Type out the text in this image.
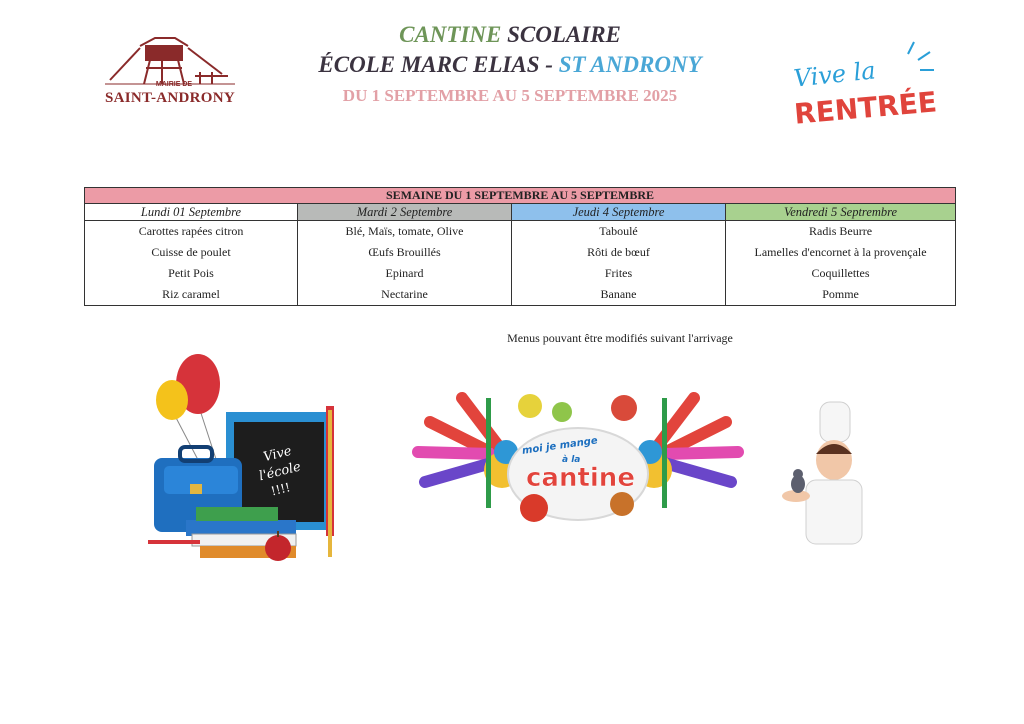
MAIRIE DE
SAINT-ANDRONY
CANTINE SCOLAIRE
ÉCOLE MARC ELIAS - ST ANDRONY
DU 1 SEPTEMBRE AU 5 SEPTEMBRE 2025
Vive la
RENTRÉE
SEMAINE DU 1 SEPTEMBRE AU 5 SEPTEMBRE			
Lundi 01 Septembre	Mardi 2 Septembre	Jeudi 4 Septembre	Vendredi 5 Septrembre
Carottes rapées citron	Blé, Maïs, tomate, Olive	Taboulé	Radis Beurre
Cuisse de poulet	Œufs Brouillés	Rôti de bœuf	Lamelles d'encornet à la provençale
Petit Pois	Epinard	Frites	Coquillettes
Riz caramel	Nectarine	Banane	Pomme
Menus pouvant être modifiés suivant l'arrivage
Vive
l'école
!!!!
moi je mange
à la
cantine
